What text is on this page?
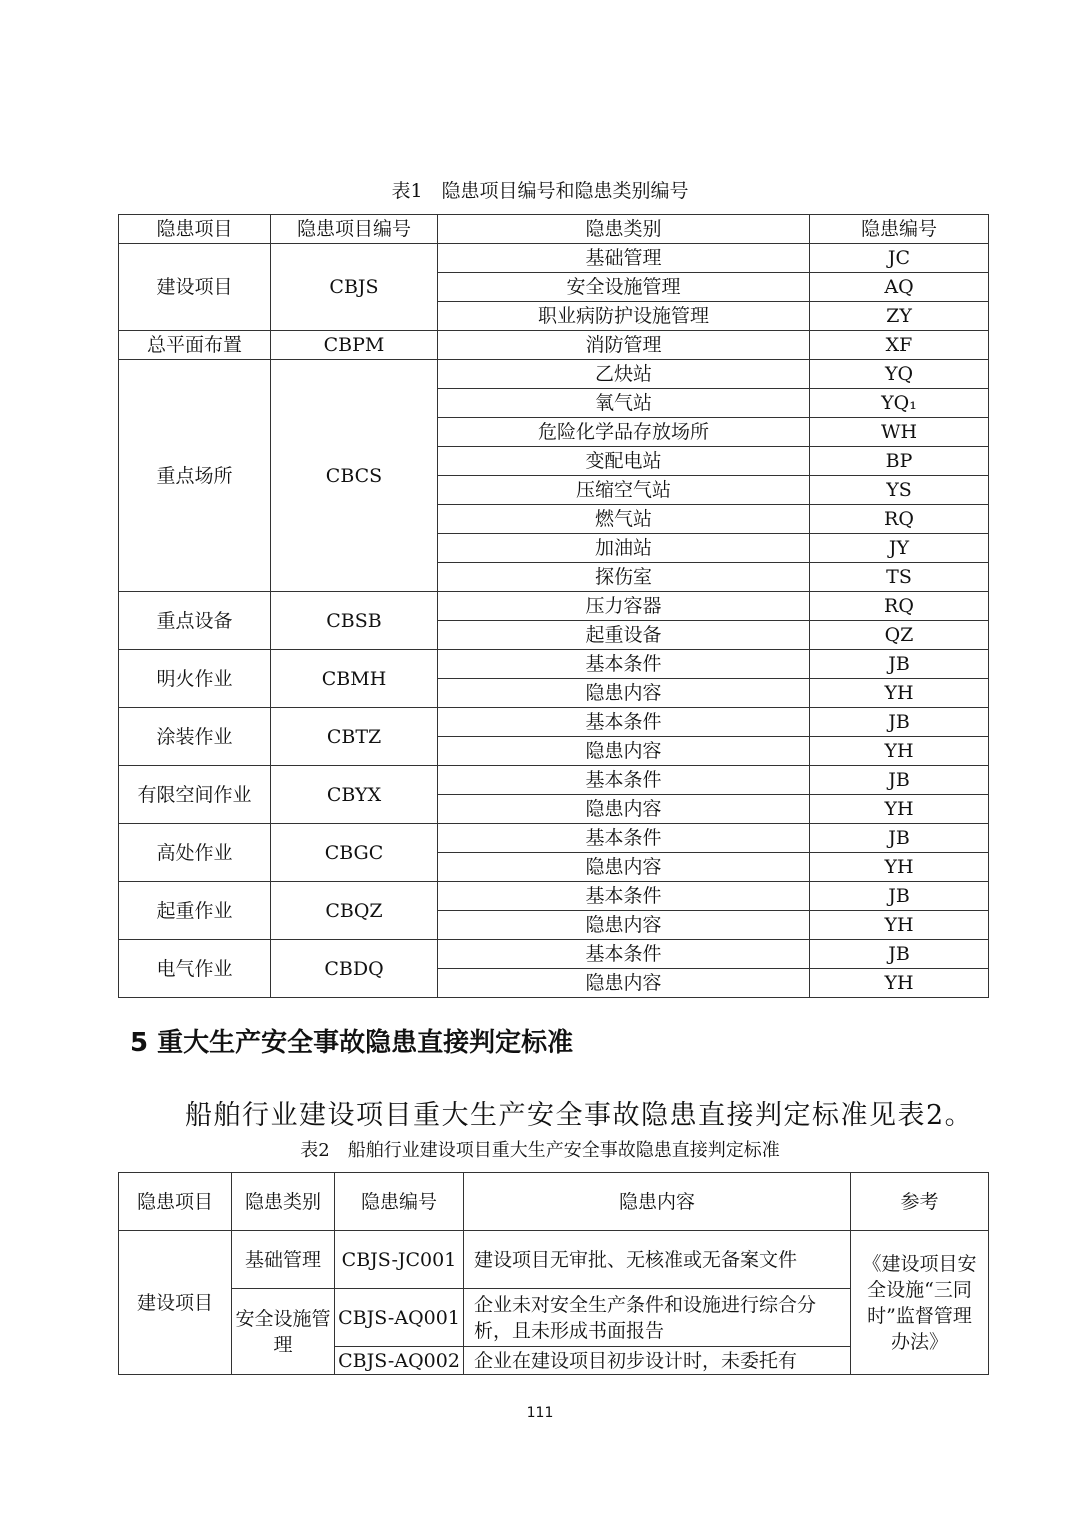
表1　隐患项目编号和隐患类别编号
隐患项目	隐患项目编号	隐患类别	隐患编号
建设项目	CBJS	基础管理	JC
		安全设施管理	AQ
		职业病防护设施管理	ZY
总平面布置	CBPM	消防管理	XF
重点场所	CBCS	乙炔站	YQ
		氧气站	YQ₁
		危险化学品存放场所	WH
		变配电站	BP
		压缩空气站	YS
		燃气站	RQ
		加油站	JY
		探伤室	TS
重点设备	CBSB	压力容器	RQ
		起重设备	QZ
明火作业	CBMH	基本条件	JB
		隐患内容	YH
涂装作业	CBTZ	基本条件	JB
		隐患内容	YH
有限空间作业	CBYX	基本条件	JB
		隐患内容	YH
高处作业	CBGC	基本条件	JB
		隐患内容	YH
起重作业	CBQZ	基本条件	JB
		隐患内容	YH
电气作业	CBDQ	基本条件	JB
		隐患内容	YH
5 重大生产安全事故隐患直接判定标准
船舶行业建设项目重大生产安全事故隐患直接判定标准见表2。
表2　船舶行业建设项目重大生产安全事故隐患直接判定标准
隐患项目	隐患类别	隐患编号	隐患内容	参考
建设项目	基础管理	CBJS-JC001	建设项目无审批、无核准或无备案文件	《建设项目安全设施“三同时”监督管理办法》
	安全设施管理	CBJS-AQ001	企业未对安全生产条件和设施进行综合分析，且未形成书面报告	
		CBJS-AQ002	企业在建设项目初步设计时，未委托有	
111
